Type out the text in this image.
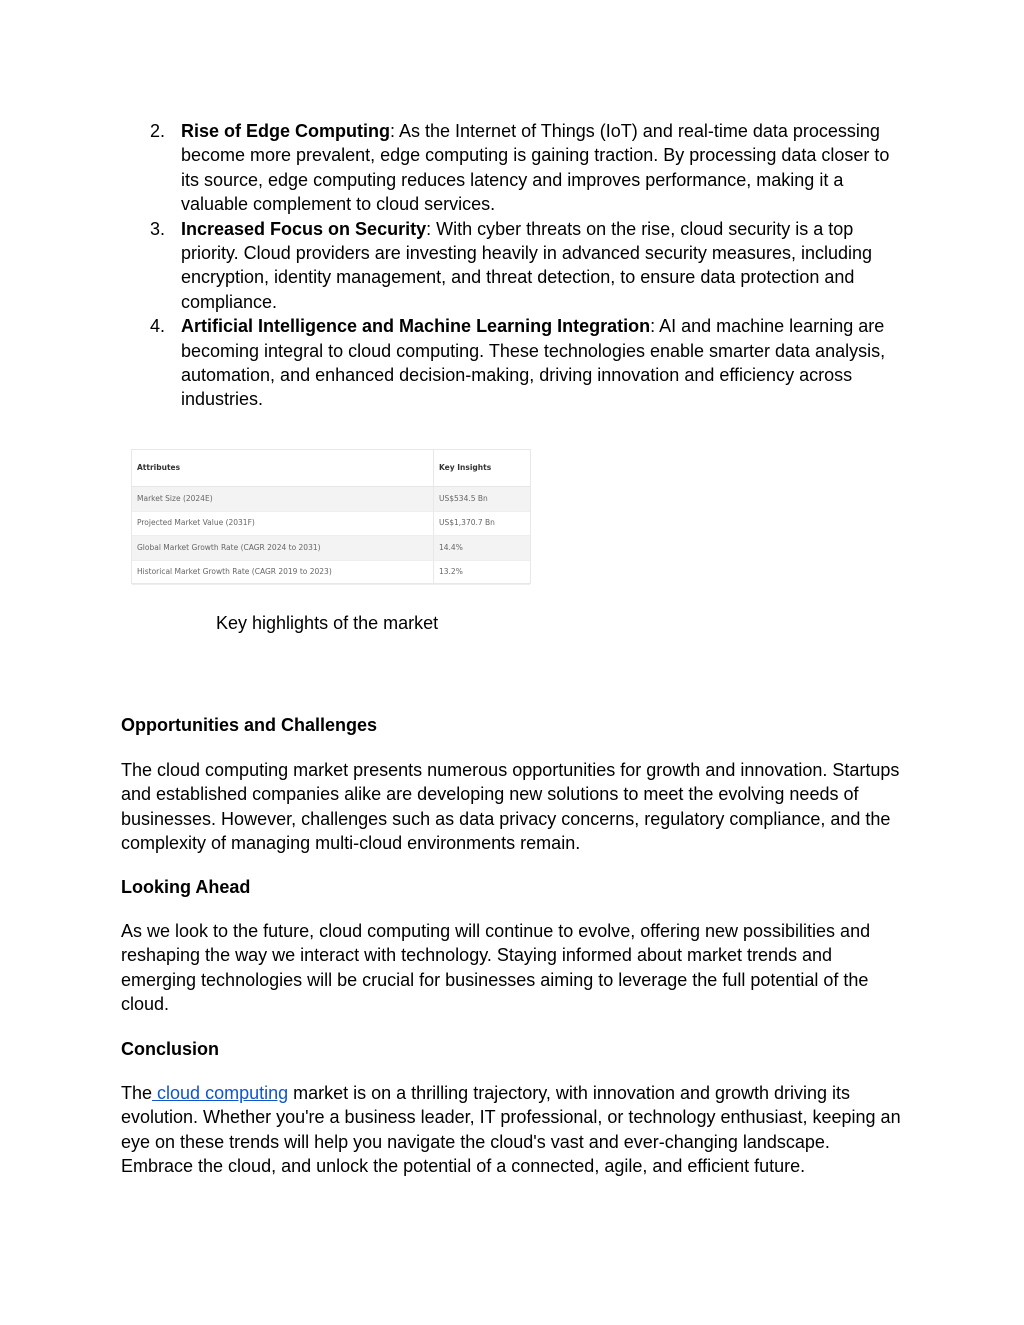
2. Rise of Edge Computing: As the Internet of Things (IoT) and real-time data processing become more prevalent, edge computing is gaining traction. By processing data closer to its source, edge computing reduces latency and improves performance, making it a valuable complement to cloud services.
3. Increased Focus on Security: With cyber threats on the rise, cloud security is a top priority. Cloud providers are investing heavily in advanced security measures, including encryption, identity management, and threat detection, to ensure data protection and compliance.
4. Artificial Intelligence and Machine Learning Integration: AI and machine learning are becoming integral to cloud computing. These technologies enable smarter data analysis, automation, and enhanced decision-making, driving innovation and efficiency across industries.
Attributes	Key Insights
Market Size (2024E)	US$534.5 Bn
Projected Market Value (2031F)	US$1,370.7 Bn
Global Market Growth Rate (CAGR 2024 to 2031)	14.4%
Historical Market Growth Rate (CAGR 2019 to 2023)	13.2%
Key highlights of the market
Opportunities and Challenges
The cloud computing market presents numerous opportunities for growth and innovation. Startups and established companies alike are developing new solutions to meet the evolving needs of businesses. However, challenges such as data privacy concerns, regulatory compliance, and the complexity of managing multi-cloud environments remain.
Looking Ahead
As we look to the future, cloud computing will continue to evolve, offering new possibilities and reshaping the way we interact with technology. Staying informed about market trends and emerging technologies will be crucial for businesses aiming to leverage the full potential of the cloud.
Conclusion
The cloud computing market is on a thrilling trajectory, with innovation and growth driving its evolution. Whether you're a business leader, IT professional, or technology enthusiast, keeping an eye on these trends will help you navigate the cloud's vast and ever-changing landscape. Embrace the cloud, and unlock the potential of a connected, agile, and efficient future.
